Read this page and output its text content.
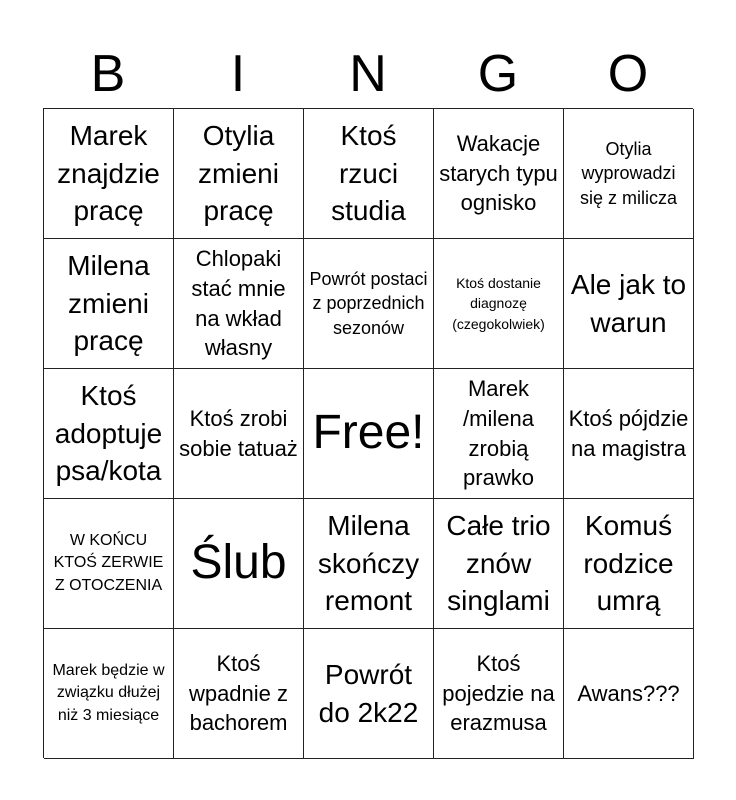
B	I	N	G	O
Marek znajdzie pracę
Otylia zmieni pracę
Ktoś rzuci studia
Wakacje starych typu ognisko
Otylia wyprowadzi się z milicza
Milena zmieni pracę
Chlopaki stać mnie na wkład własny
Powrót postaci z poprzednich sezonów
Ktoś dostanie diagnozę (czegokolwiek)
Ale jak to warun
Ktoś adoptuje psa/kota
Ktoś zrobi sobie tatuaż Free!
Marek /milena zrobią prawko
Ktoś pójdzie na magistra
W KOŃCU KTOŚ ZERWIE Z OTOCZENIA Ślub
Milena skończy remont
Całe trio znów singlami
Komuś rodzice umrą
Marek będzie w związku dłużej niż 3 miesiące
Ktoś wpadnie z bachorem
Powrót do 2k22
Ktoś pojedzie na erazmusa
Awans???
